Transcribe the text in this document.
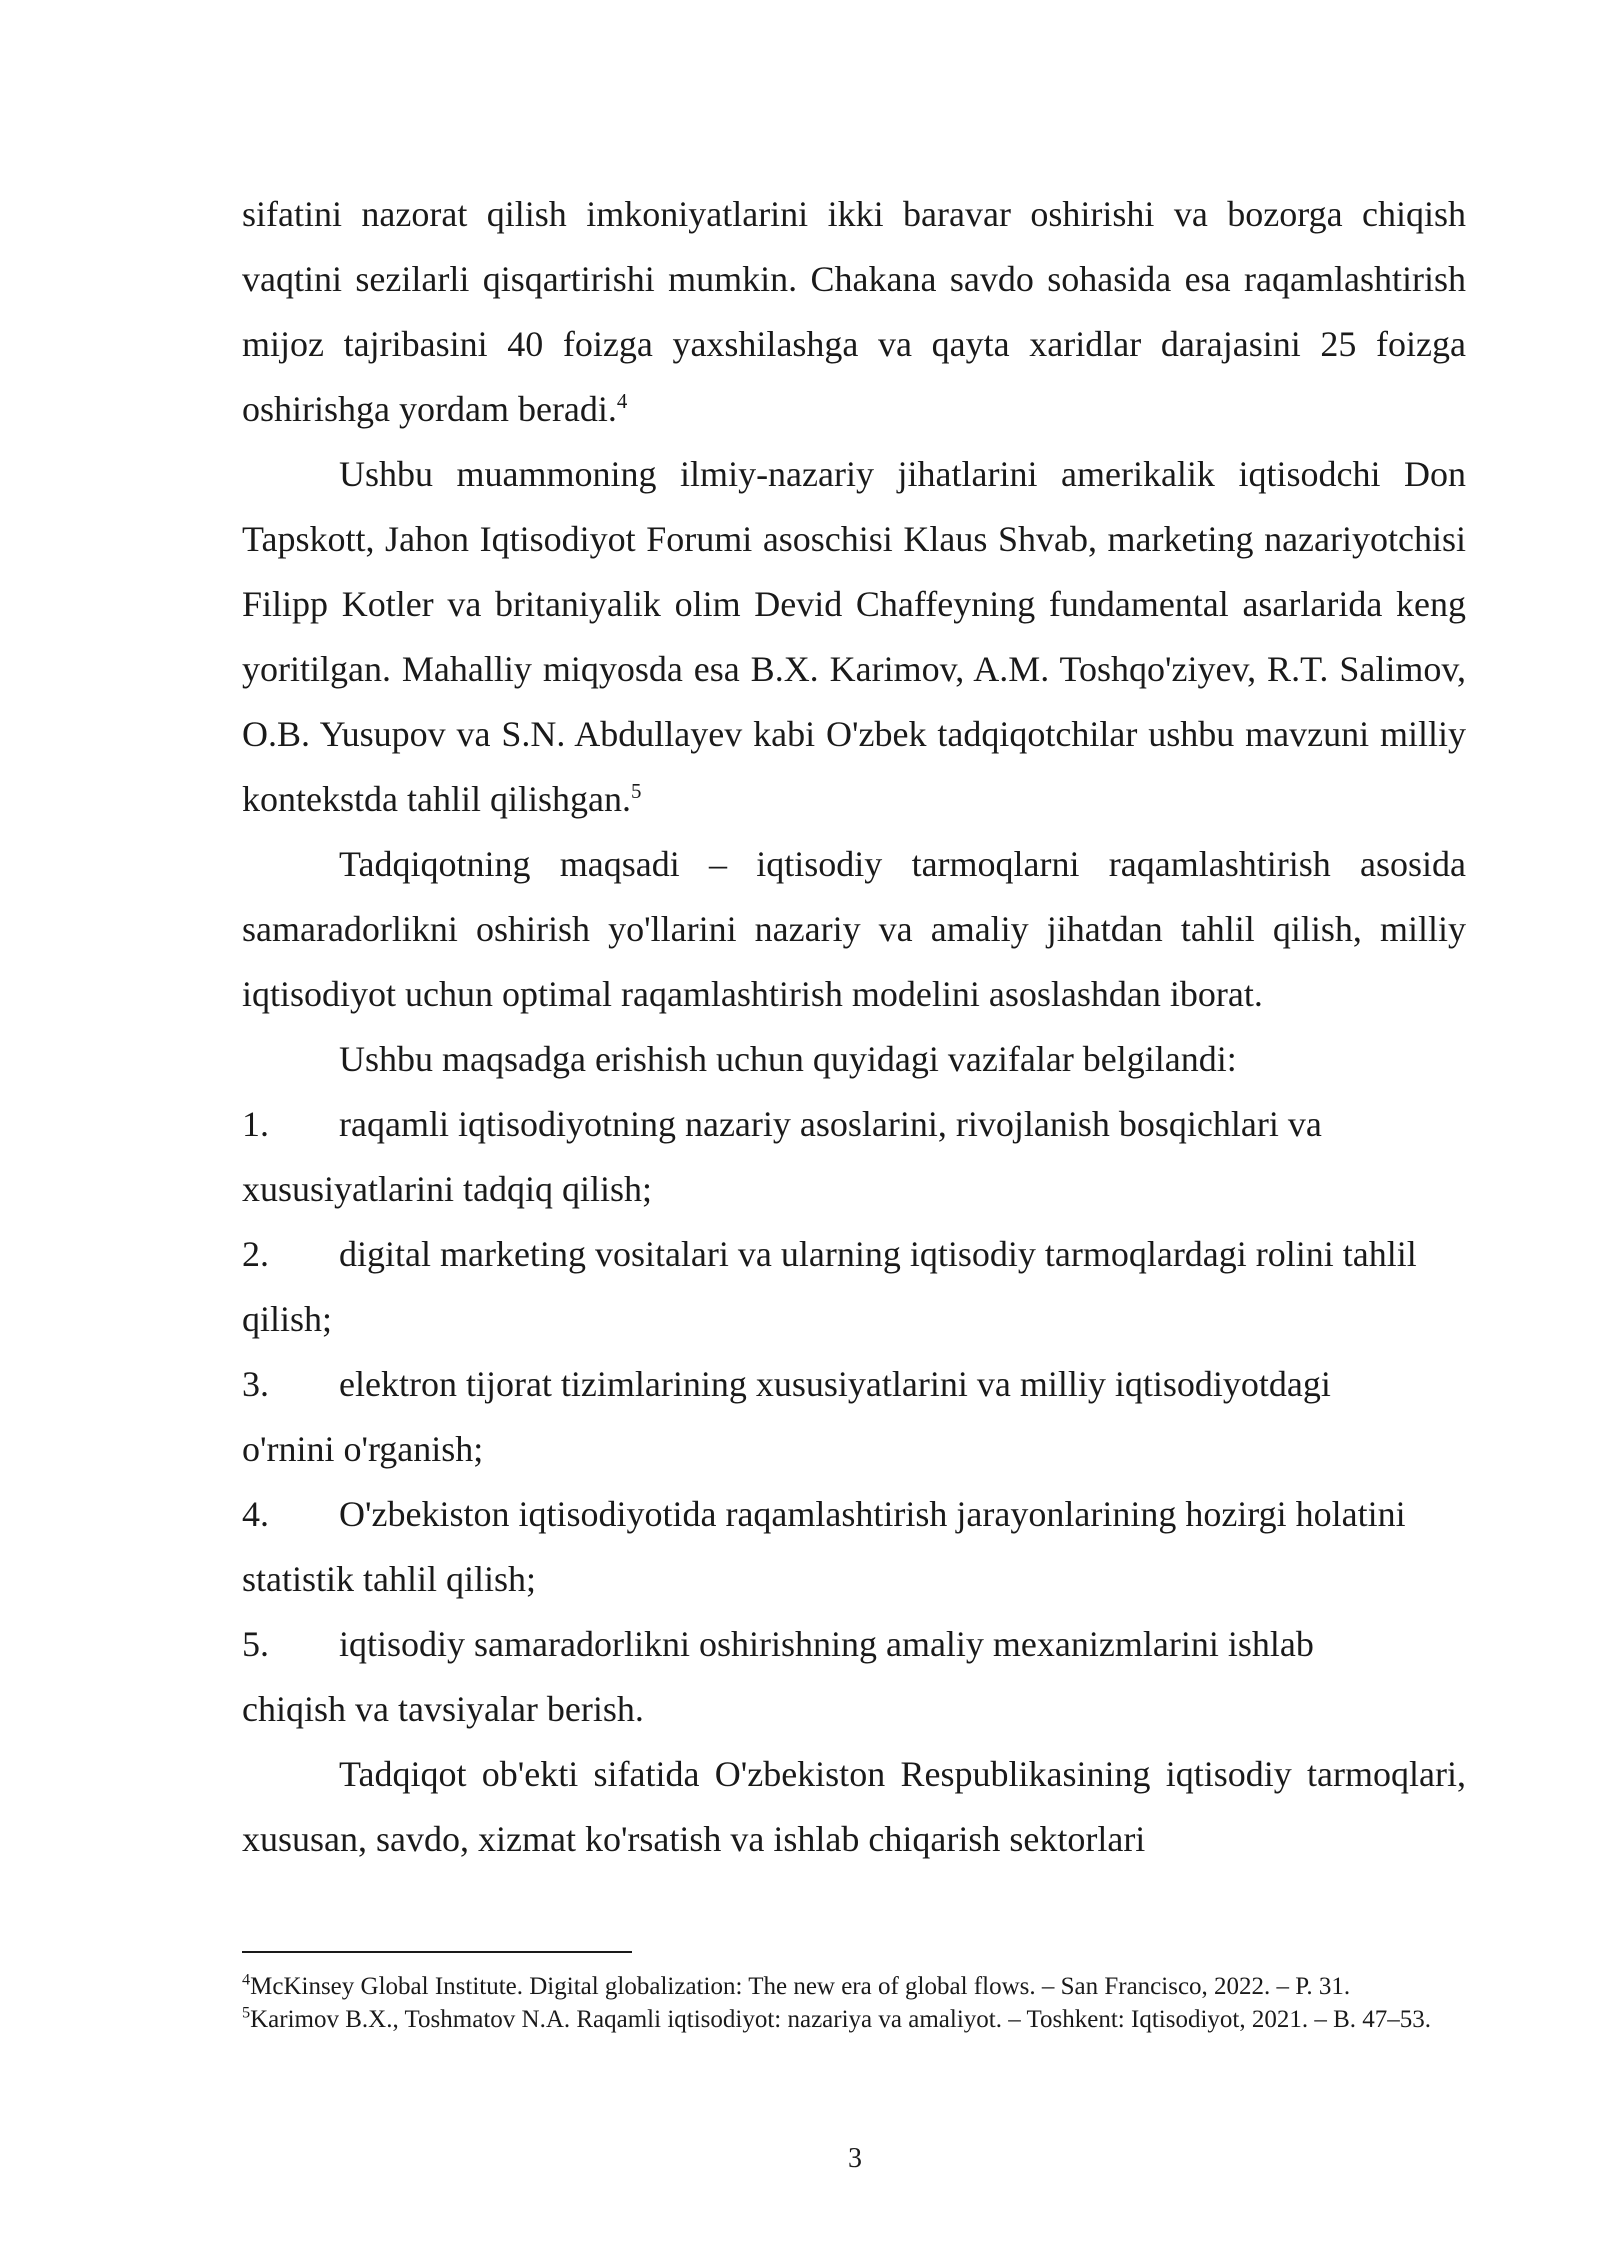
sifatini nazorat qilish imkoniyatlarini ikki baravar oshirishi va bozorga chiqish vaqtini sezilarli qisqartirishi mumkin. Chakana savdo sohasida esa raqamlashtirish mijoz tajribasini 40 foizga yaxshilashga va qayta xaridlar darajasini 25 foizga oshirishga yordam beradi.$^4$

Ushbu muammoning ilmiy-nazariy jihatlarini amerikalik iqtisodchi Don Tapskott, Jahon Iqtisodiyot Forumi asoschisi Klaus Shvab, marketing nazariyotchisi Filipp Kotler va britaniyalik olim Devid Chaffeyning fundamental asarlarida keng yoritilgan. Mahalliy miqyosda esa B.X. Karimov, A.M. Toshqo'ziyev, R.T. Salimov, O.B. Yusupov va S.N. Abdullayev kabi O'zbek tadqiqotchilar ushbu mavzuni milliy kontekstda tahlil qilishgan.$^5$

Tadqiqotning maqsadi – iqtisodiy tarmoqlarni raqamlashtirish asosida samaradorlikni oshirish yo'llarini nazariy va amaliy jihatdan tahlil qilish, milliy iqtisodiyot uchun optimal raqamlashtirish modelini asoslashdan iborat.

Ushbu maqsadga erishish uchun quyidagi vazifalar belgilandi:

1. raqamli iqtisodiyotning nazariy asoslarini, rivojlanish bosqichlari va
xususiyatlarini tadqiq qilish;

2. digital marketing vositalari va ularning iqtisodiy tarmoqlardagi rolini tahlil
qilish;

3. elektron tijorat tizimlarining xususiyatlarini va milliy iqtisodiyotdagi
o'rnini o'rganish;

4. O'zbekiston iqtisodiyotida raqamlashtirish jarayonlarining hozirgi holatini
statistik tahlil qilish;

5. iqtisodiy samaradorlikni oshirishning amaliy mexanizmlarini ishlab
chiqish va tavsiyalar berish.

Tadqiqot ob'ekti sifatida O'zbekiston Respublikasining iqtisodiy tarmoqlari, xususan, savdo, xizmat ko'rsatish va ishlab chiqarish sektorlari

$^4$McKinsey Global Institute. Digital globalization: The new era of global flows. – San Francisco, 2022. – P. 31.

$^5$Karimov B.X., Toshmatov N.A. Raqamli iqtisodiyot: nazariya va amaliyot. – Toshkent: Iqtisodiyot, 2021. – B. 47–53.

3
